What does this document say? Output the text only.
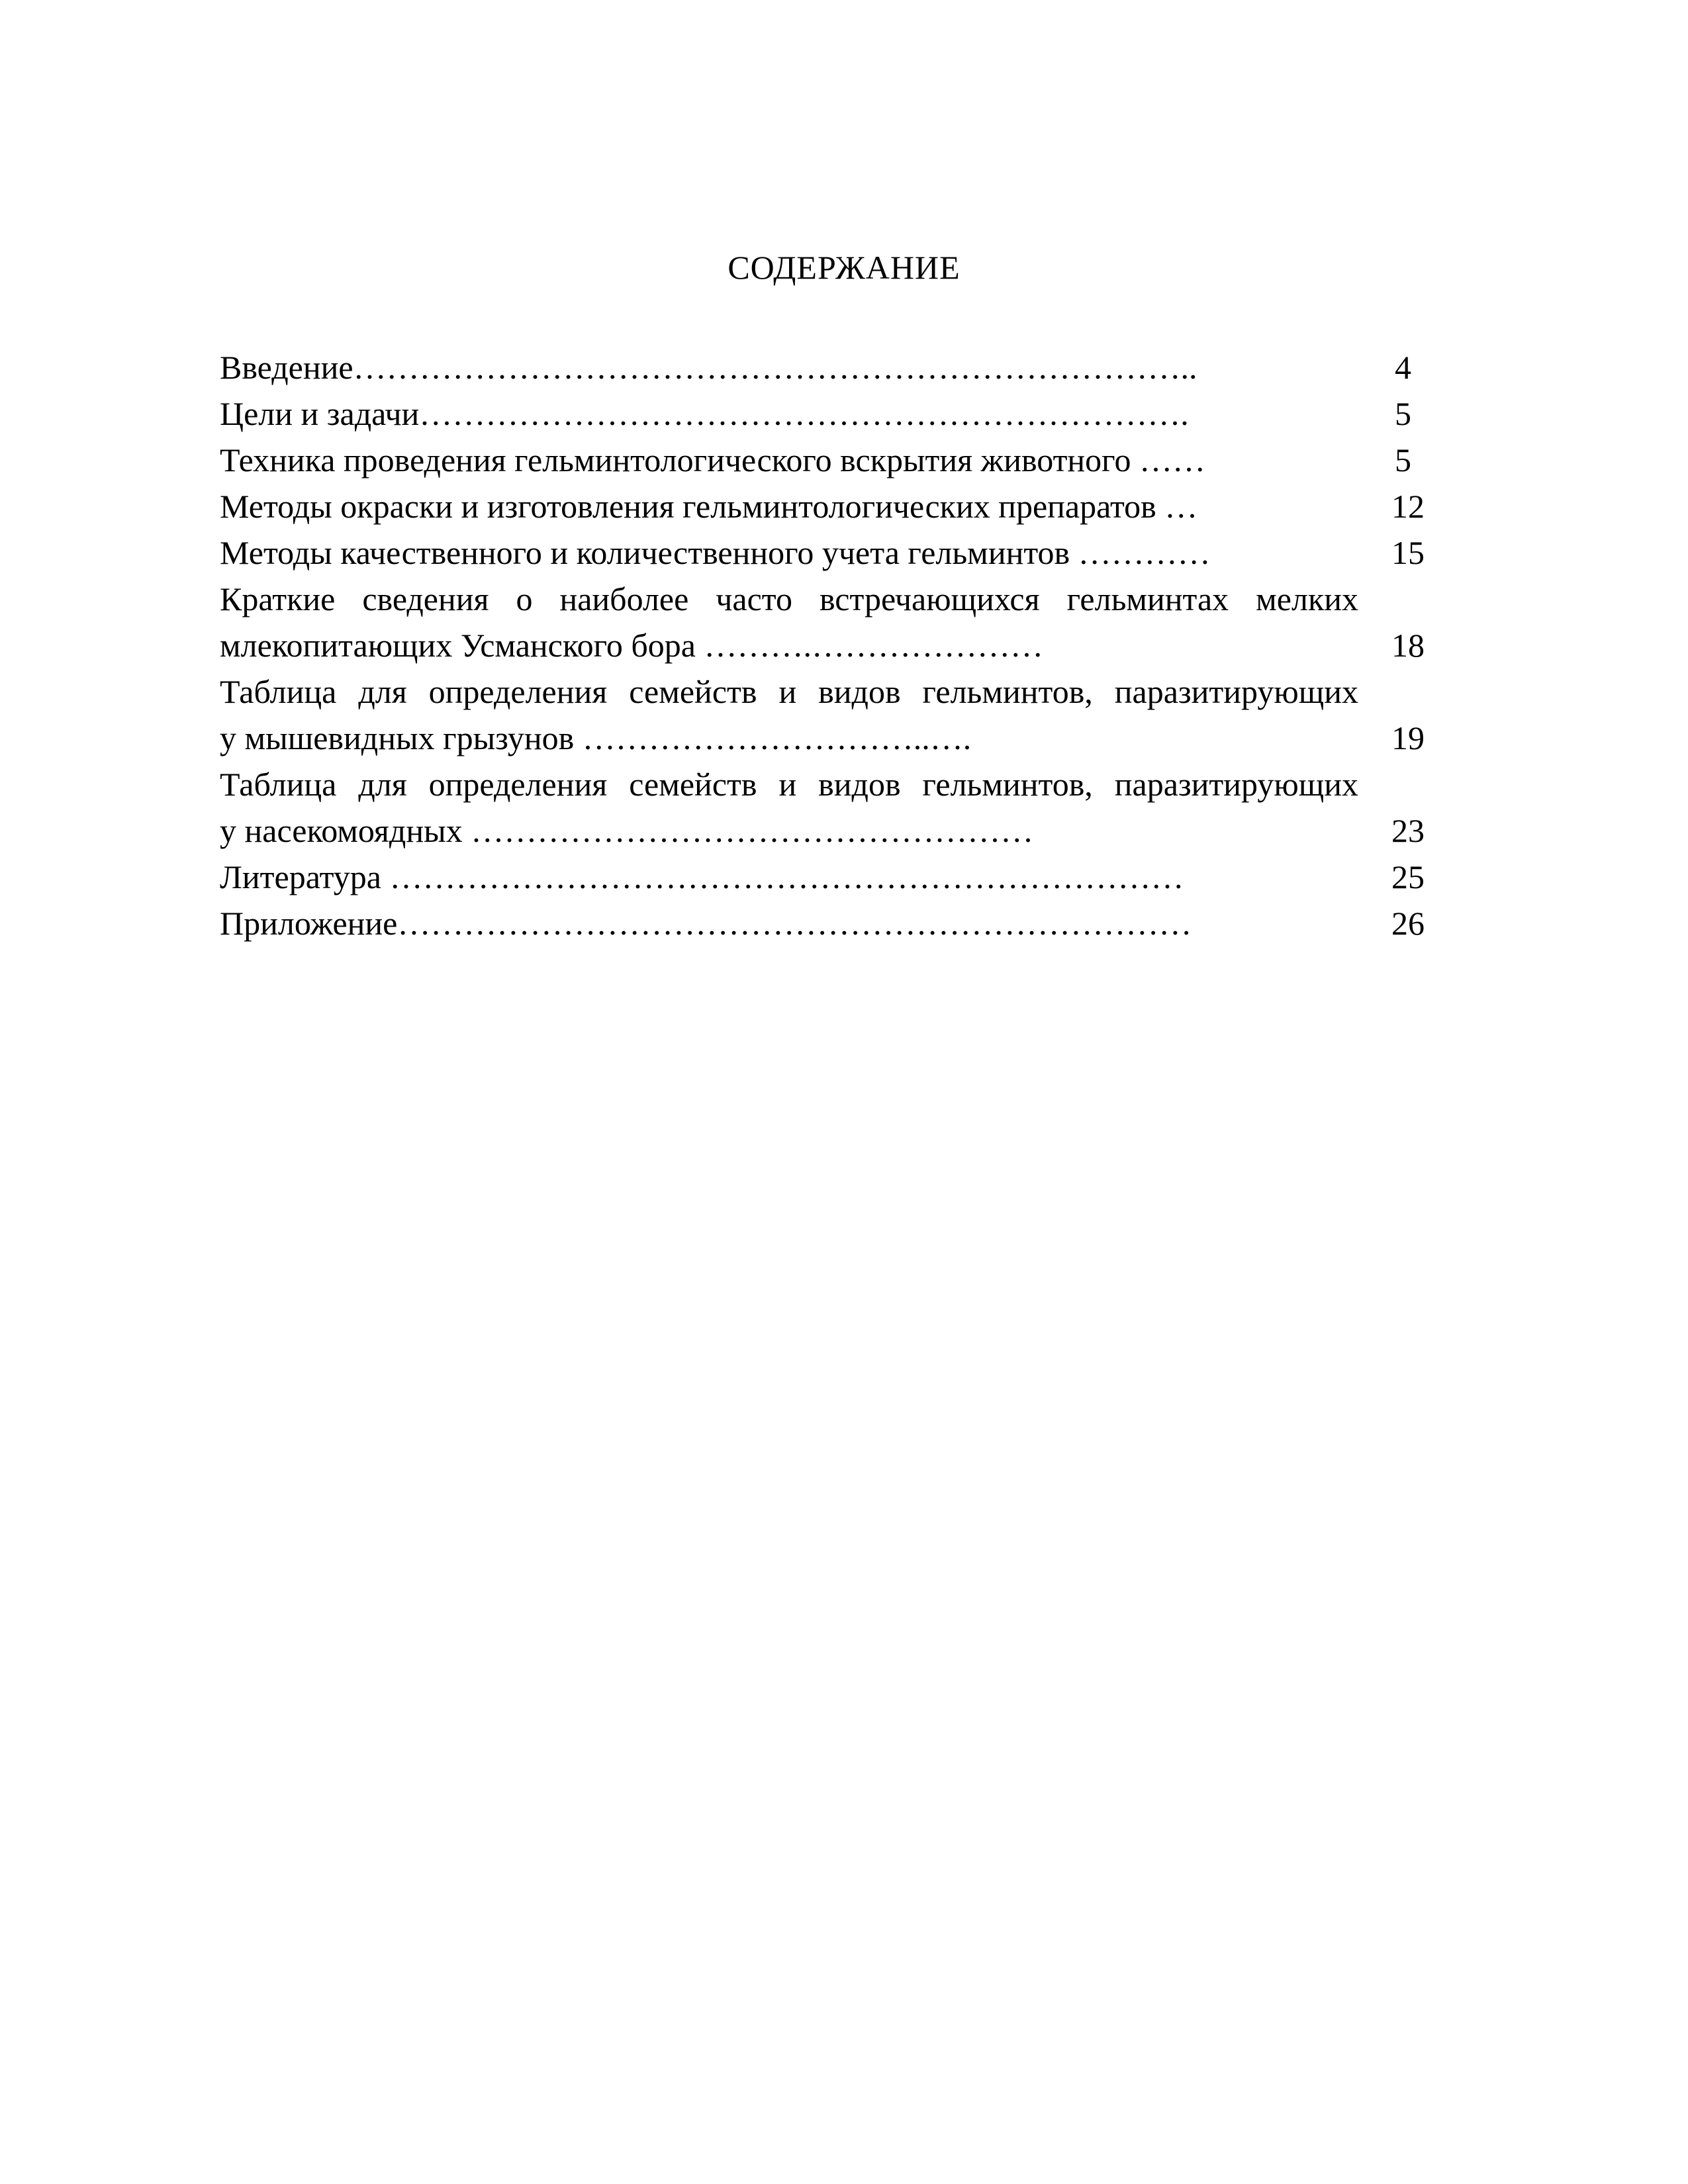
СОДЕРЖАНИЕ
Введение…………………………………………………………………..	4
Цели и задачи…………………………………………………………….	5
Техника проведения гельминтологического вскрытия животного ……	5
Методы окраски и изготовления гельминтологических препаратов …	12
Методы качественного и количественного учета гельминтов …………	15
Краткие сведения о наиболее часто встречающихся гельминтах мелких
млекопитающих Усманского бора ……….…………………	18
Таблица для определения семейств и видов гельминтов, паразитирующих
у мышевидных грызунов …………………………..….	19
Таблица для определения семейств и видов гельминтов, паразитирующих
у насекомоядных ……………………………………………	23
Литература ………………………………………………………………	25
Приложение………………………………………………………………	26
